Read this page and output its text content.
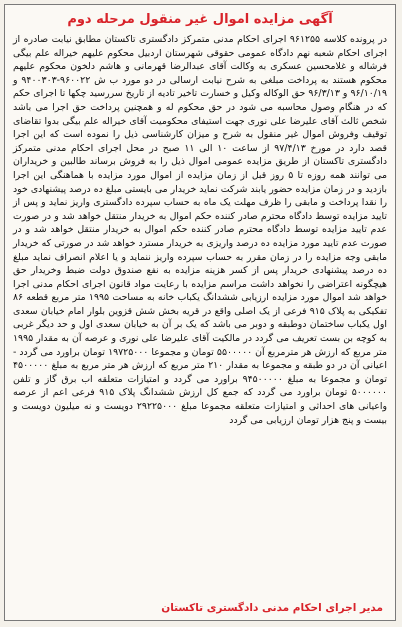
آگهی مزایده اموال غیر منقول مرحله دوم

در پرونده کلاسه ۹۶۱۲۵۵ اجرای احکام مدنی متمرکز دادگستری تاکستان مطابق نیابت صادره از اجرای احکام شعبه نهم دادگاه عمومی حقوقی شهرستان اردبیل محکوم علیهم خیراله علم بیگی فرشاله و غلامحسین عسکری به وکالت آقای عبدالرضا قهرمانی و هاشم دلخون محکوم علیهم محکوم هستند به پرداخت مبلغی به شرح نیابت ارسالی در دو مورد ب ش ۹۶۰۰۲۲-۹۴۰۰۳۰۳ و ۹۶/۱۰/۱۹ و ۹۶/۳/۱۳ حق الوکاله وکیل و خسارت تاخیر تادیه از تاریخ سررسید چکها تا اجرای حکم که در هنگام وصول محاسبه می شود در حق محکوم له و همچنین پرداخت حق اجرا می باشد شخص ثالث آقای علیرضا علی نوری جهت استیفای محکومیت آقای خیراله علم بیگی بدوا تقاضای توقیف وفروش اموال غیر منقول به شرح و میزان کارشناسی ذیل را نموده است که این اجرا قصد دارد در مورخ ۹۷/۴/۱۳ از ساعت ۱۰ الی ۱۱ صبح در محل اجرای احکام مدنی متمرکز دادگستری تاکستان از طریق مزایده عمومی اموال ذیل را به فروش برساند طالبین و خریداران می توانند همه روزه تا ۵ روز قبل از زمان مزایده از اموال مورد مزایده با هماهنگی این اجرا بازدید و در زمان مزایده حضور یابند شرکت نماید خریدار می بایستی مبلغ ده درصد پیشنهادی خود را نقدا پرداخت و مابقی را ظرف مهلت یک ماه به حساب سپرده دادگستری واریز نماید و پس از تایید مزایده توسط دادگاه محترم صادر کننده حکم اموال به خریدار منتقل خواهد شد و در صورت عدم تایید مزایده توسط دادگاه محترم صادر کننده حکم اموال به خریدار منتقل خواهد شد و در صورت عدم تایید مورد مزایده ده درصد واریزی به خریدار مسترد خواهد شد در صورتی که خریدار مابقی وجه مزایده را در زمان مقرر به حساب سپرده واریز ننماید و یا اعلام انصراف نماید مبلغ ده درصد پیشنهادی خریدار پس از کسر هزینه مزایده به نفع صندوق دولت ضبط وخریدار حق هیچگونه اعتراضی را نخواهد داشت مراسم مزایده با رعایت مواد قانون اجرای احکام مدنی اجرا خواهد شد اموال مورد مزایده ارزیابی ششدانگ یکباب خانه به مساحت ۱۹۹۵ متر مربع قطعه ۸۶ تفکیکی به پلاک ۹۱۵ فرعی از یک اصلی واقع در قریه بخش شش قزوین بلوار امام خیابان سعدی اول یکباب ساختمان دوطبقه و دوبر می باشد که یک بر آن به خیابان سعدی اول و حد دیگر غربی به کوچه بن بست تعریف می گردد در مالکیت آقای علیرضا علی نوری و عرصه آن به مقدار ۱۹۹۵ متر مربع که ارزش هر مترمربع آن ۵۵۰۰۰۰۰ تومان و مجموعا ۱۹۷۲۵۰۰۰ تومان براورد می گردد - اعیانی آن در دو طبقه و مجموعا به مقدار ۲۱۰ متر مربع که ارزش هر متر مربع به مبلغ ۴۵۰۰۰۰۰ تومان و مجموعا به مبلغ ۹۴۵۰۰۰۰۰ براورد می گردد و امتیازات متعلقه اب برق گاز و تلفن ۵۰۰۰۰۰۰ تومان براورد می گردد که جمع کل ارزش ششدانگ پلاک ۹۱۵ فرعی اعم از عرصه واعیانی های احداثی و امتیازات متعلقه مجموعا مبلغ ۲۹۲۲۵۰۰۰ دویست و نه میلیون دویست و بیست و پنج هزار تومان ارزیابی می گردد

مدیر اجرای احکام مدنی دادگستری تاکستان
